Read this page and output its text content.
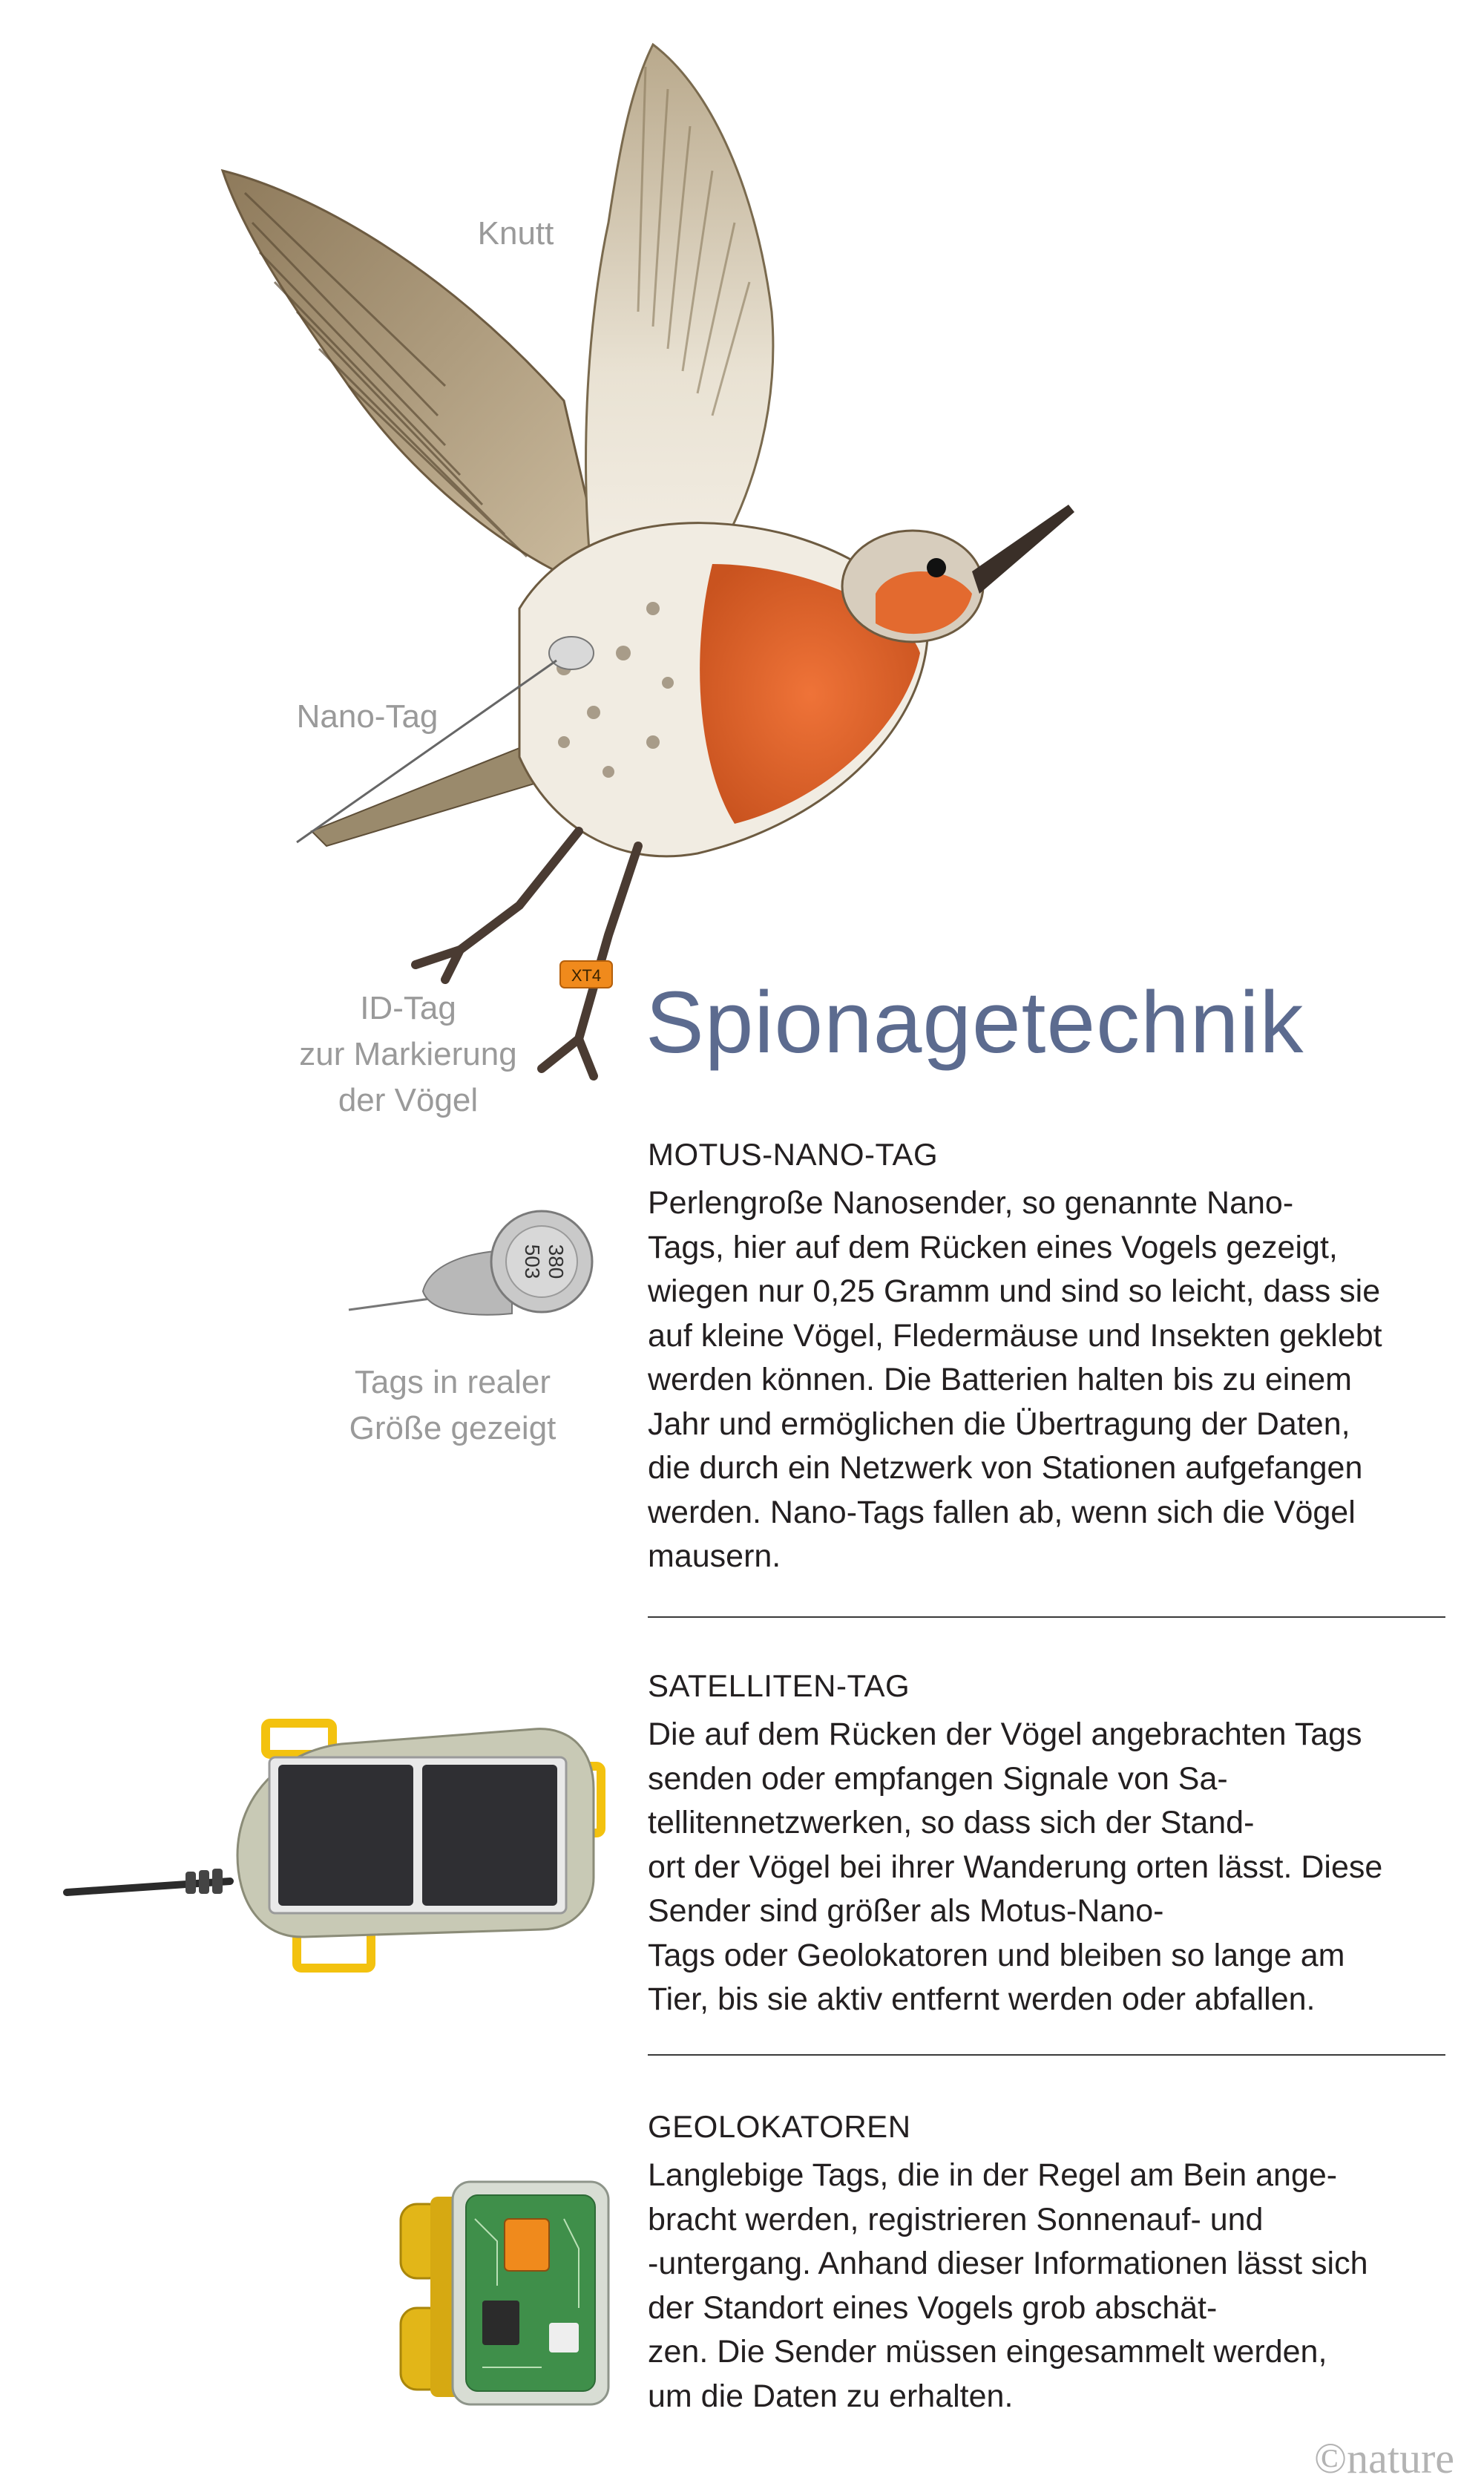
XT4
Knutt
Nano-Tag
ID-Tag
zur Markierung
der Vögel
Spionagetechnik
MOTUS-NANO-TAG
Perlengroße Nanosender, so genannte Nano-
Tags, hier auf dem Rücken eines Vogels gezeigt,
wiegen nur 0,25 Gramm und sind so leicht, dass sie
auf kleine Vögel, Fledermäuse und Insekten geklebt
werden können. Die Batterien halten bis zu einem
Jahr und ermöglichen die Übertragung der Daten,
die durch ein Netzwerk von Stationen aufgefangen
werden. Nano-Tags fallen ab, wenn sich die Vögel
mausern.
380
503
Tags in realer
Größe gezeigt
SATELLITEN-TAG
Die auf dem Rücken der Vögel angebrachten Tags
senden oder empfangen Signale von Sa-
tellitennetzwerken, so dass sich der Stand-
ort der Vögel bei ihrer Wanderung orten lässt. Diese
Sender sind größer als Motus-Nano-
Tags oder Geolokatoren und bleiben so lange am
Tier, bis sie aktiv entfernt werden oder abfallen.
GEOLOKATOREN
Langlebige Tags, die in der Regel am Bein ange-
bracht werden, registrieren Sonnenauf- und
-untergang. Anhand dieser Informationen lässt sich
der Standort eines Vogels grob abschät-
zen. Die Sender müssen eingesammelt werden,
um die Daten zu erhalten.
©nature
